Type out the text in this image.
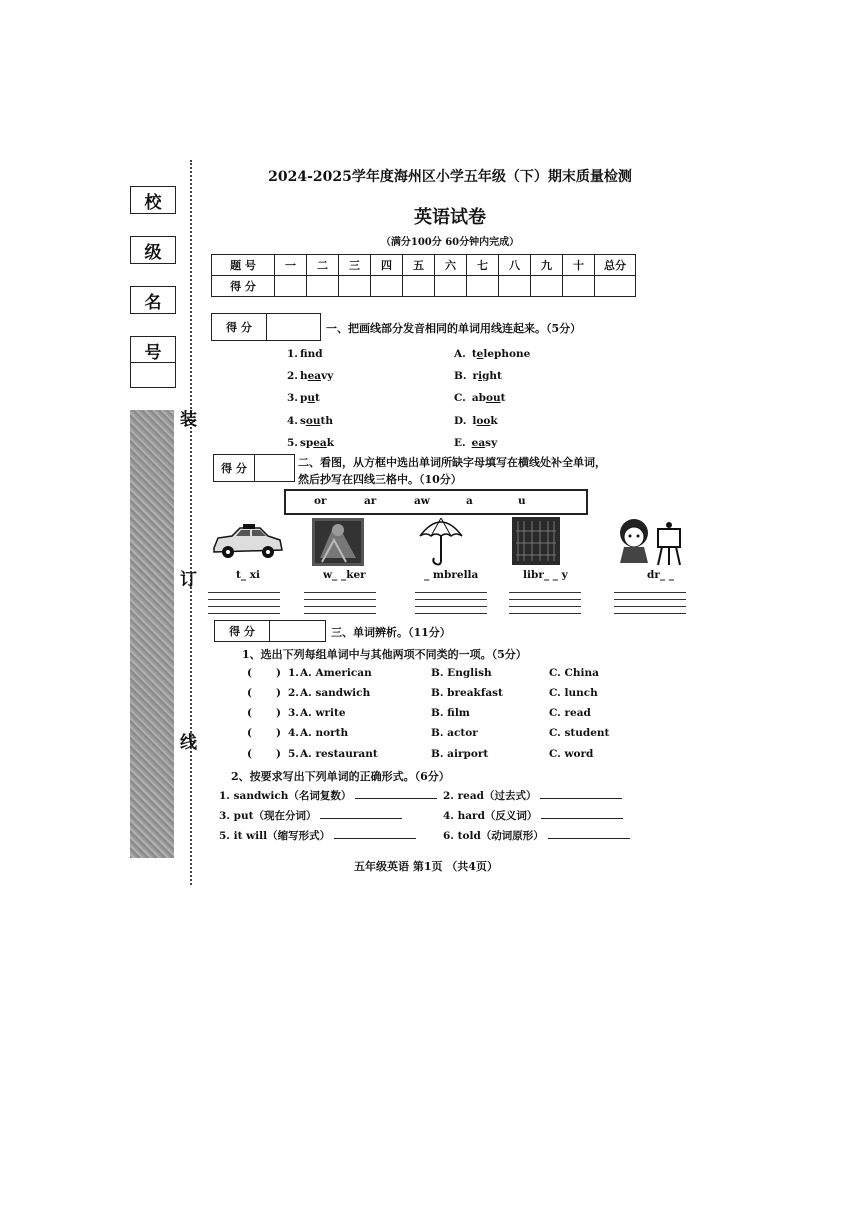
校
级
名
号
装
订
线
2024-2025学年度海州区小学五年级（下）期末质量检测
英语试卷
（满分100分 60分钟内完成）
题 号	一	二	三	四	五	六	七	八	九	十	总分
得 分											
得 分	一、把画线部分发音相同的单词用线连起来。（5分）
1. fnd	A. telephone
2. heavy	B. right
3. put	C. about
4. south	D. look
5. speak	E. easy
得 分	二、看图，从方框中选出单词所缺字母填写在横线处补全单词，
然后抄写在四线三格中。（10分）
or	ar	aw	a	u
t_ xi	w_ _ker	_ mbrella	libr_ _ y	dr_ _
得 分	三、单词辨析。（11分）
1、选出下列每组单词中与其他两项不同类的一项。（5分）
( ) 1. A. American	B. English	C. China
( ) 2. A. sandwich	B. breakfast	C. lunch
( ) 3. A. write	B. film	C. read
( ) 4. A. north	B. actor	C. student
( ) 5. A. restaurant	B. airport	C. word
2、按要求写出下列单词的正确形式。（6分）
1. sandwich（名词复数）	2. read（过去式）
3. put（现在分词）	4. hard（反义词）
5. it will（缩写形式）	6. told（动词原形）
五年级英语 第1页 （共4页）
